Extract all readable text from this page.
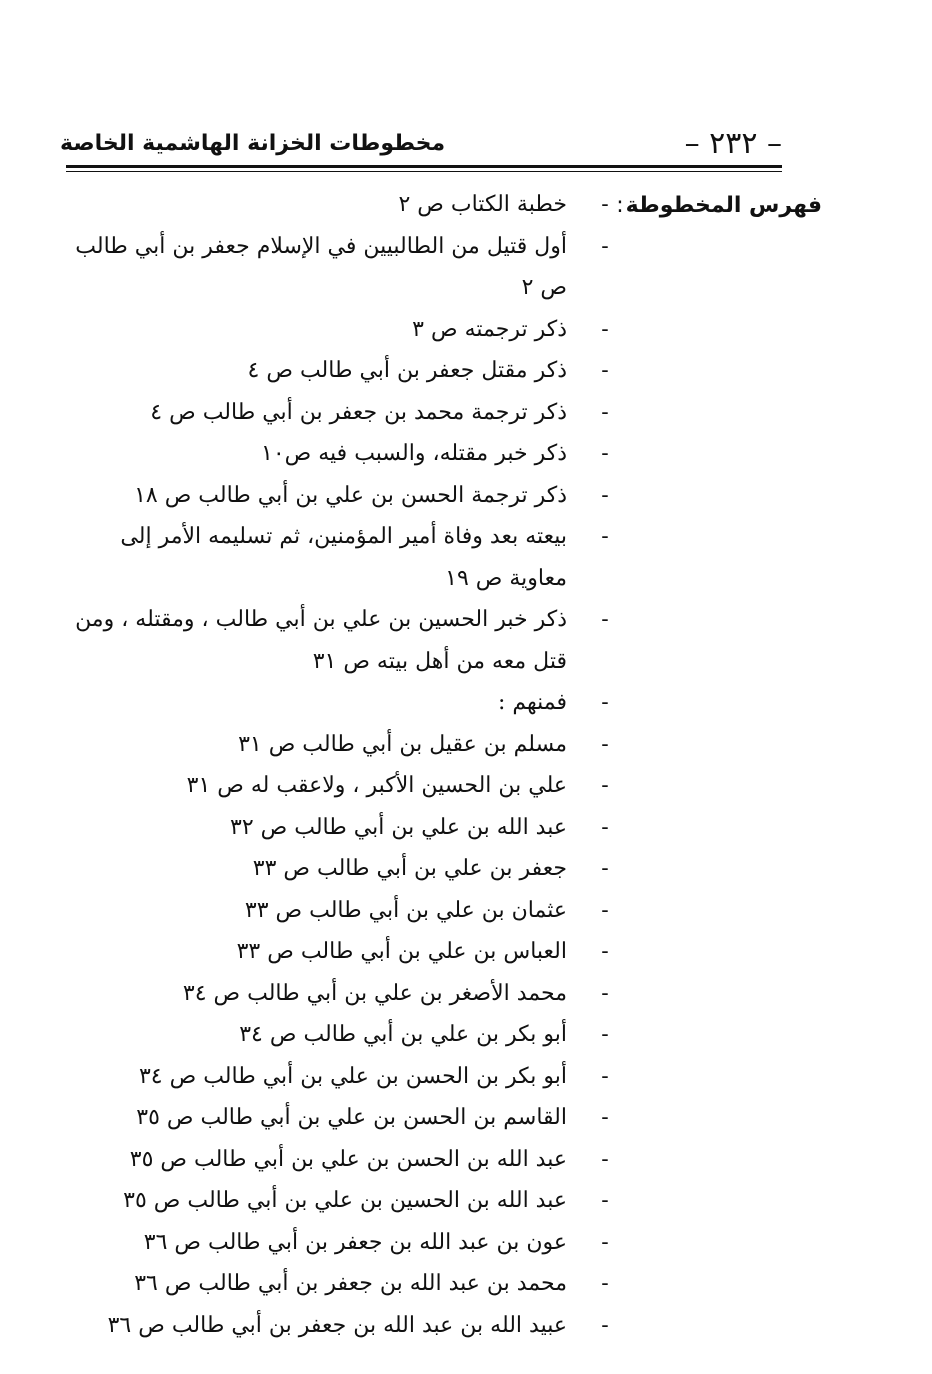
– ٢٣٢ –
مخطوطات الخزانة الهاشمية الخاصة
فهرس المخطوطة:
-
خطبة الكتاب ص ٢
-
أول قتيل من الطالبيين في الإسلام جعفر بن أبي طالب ص ٢
-
ذكر ترجمته ص ٣
-
ذكر مقتل جعفر بن أبي طالب ص ٤
-
ذكر ترجمة محمد بن جعفر بن أبي طالب ص ٤
-
ذكر خبر مقتله، والسبب فيه ص١٠
-
ذكر ترجمة الحسن بن علي بن أبي طالب ص ١٨
-
بيعته بعد وفاة أمير المؤمنين، ثم تسليمه الأمر إلى معاوية ص ١٩
-
ذكر خبر الحسين بن علي بن أبي طالب ، ومقتله ، ومن قتل معه من أهل بيته ص ٣١
-
فمنهم :
-
مسلم بن عقيل بن أبي طالب ص ٣١
-
علي بن الحسين الأكبر ، ولاعقب له ص ٣١
-
عبد الله بن علي بن أبي طالب ص ٣٢
-
جعفر بن علي بن أبي طالب ص ٣٣
-
عثمان بن علي بن أبي طالب ص ٣٣
-
العباس بن علي بن أبي طالب ص ٣٣
-
محمد الأصغر بن علي بن أبي طالب ص ٣٤
-
أبو بكر بن علي بن أبي طالب ص ٣٤
-
أبو بكر بن الحسن بن علي بن أبي طالب ص ٣٤
-
القاسم بن الحسن بن علي بن أبي طالب ص ٣٥
-
عبد الله بن الحسن بن علي بن أبي طالب ص ٣٥
-
عبد الله بن الحسين بن علي بن أبي طالب ص ٣٥
-
عون بن عبد الله بن جعفر بن أبي طالب ص ٣٦
-
محمد بن عبد الله بن جعفر بن أبي طالب ص ٣٦
-
عبيد الله بن عبد الله بن جعفر بن أبي طالب ص ٣٦
